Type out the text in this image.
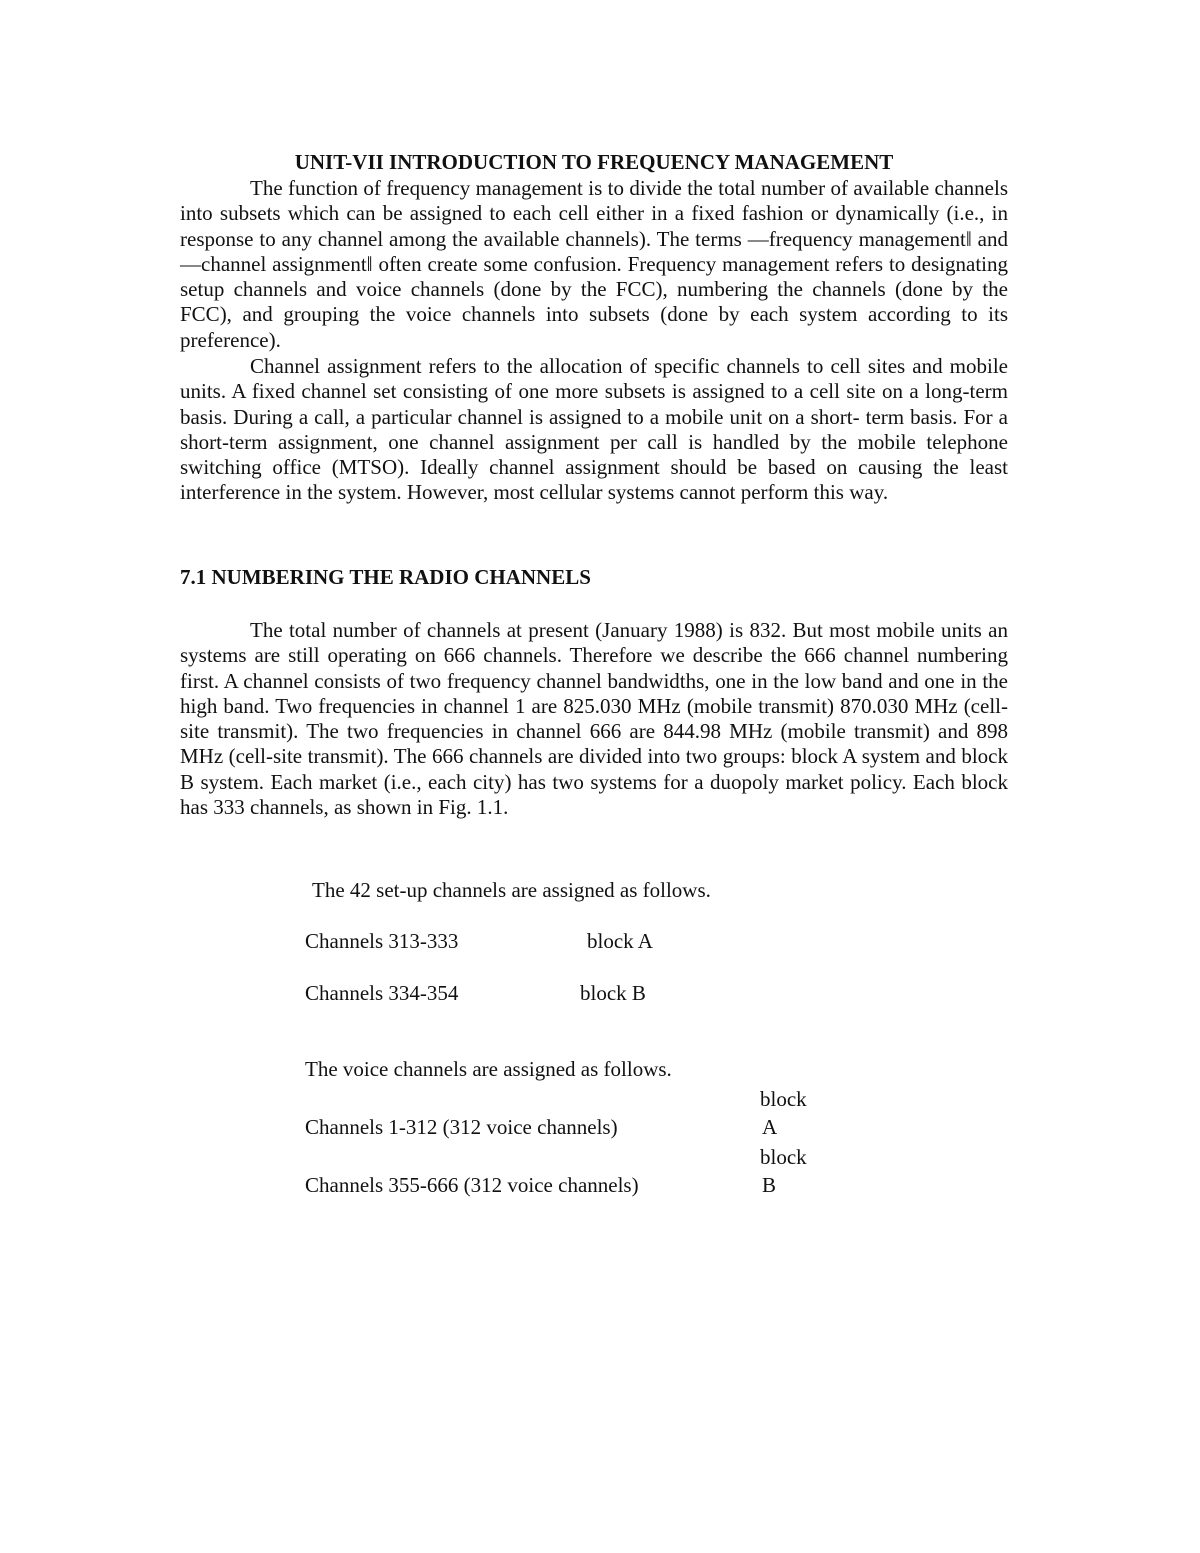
UNIT-VII INTRODUCTION TO FREQUENCY MANAGEMENT

The function of frequency management is to divide the total number of available channels into subsets which can be assigned to each cell either in a fixed fashion or dynamically (i.e., in response to any channel among the available channels). The terms —frequency management‖ and —channel assignment‖ often create some confusion. Frequency management refers to designating setup channels and voice channels (done by the FCC), numbering the channels (done by the FCC), and grouping the voice channels into subsets (done by each system according to its preference).

Channel assignment refers to the allocation of specific channels to cell sites and mobile units. A fixed channel set consisting of one more subsets is assigned to a cell site on a long-term basis. During a call, a particular channel is assigned to a mobile unit on a short- term basis. For a short-term assignment, one channel assignment per call is handled by the mobile telephone switching office (MTSO). Ideally channel assignment should be based on causing the least interference in the system. However, most cellular systems cannot perform this way.

7.1 NUMBERING THE RADIO CHANNELS

The total number of channels at present (January 1988) is 832. But most mobile units an systems are still operating on 666 channels. Therefore we describe the 666 channel numbering first. A channel consists of two frequency channel bandwidths, one in the low band and one in the high band. Two frequencies in channel 1 are 825.030 MHz (mobile transmit) 870.030 MHz (cell-site transmit). The two frequencies in channel 666 are 844.98 MHz (mobile transmit) and 898 MHz (cell-site transmit). The 666 channels are divided into two groups: block A system and block B system. Each market (i.e., each city) has two systems for a duopoly market policy. Each block has 333 channels, as shown in Fig. 1.1.

The 42 set-up channels are assigned as follows.
Channels 313-333	block A
Channels 334-354	block B
The voice channels are assigned as follows.
block
Channels 1-312 (312 voice channels)	A
block
Channels 355-666 (312 voice channels)	B
